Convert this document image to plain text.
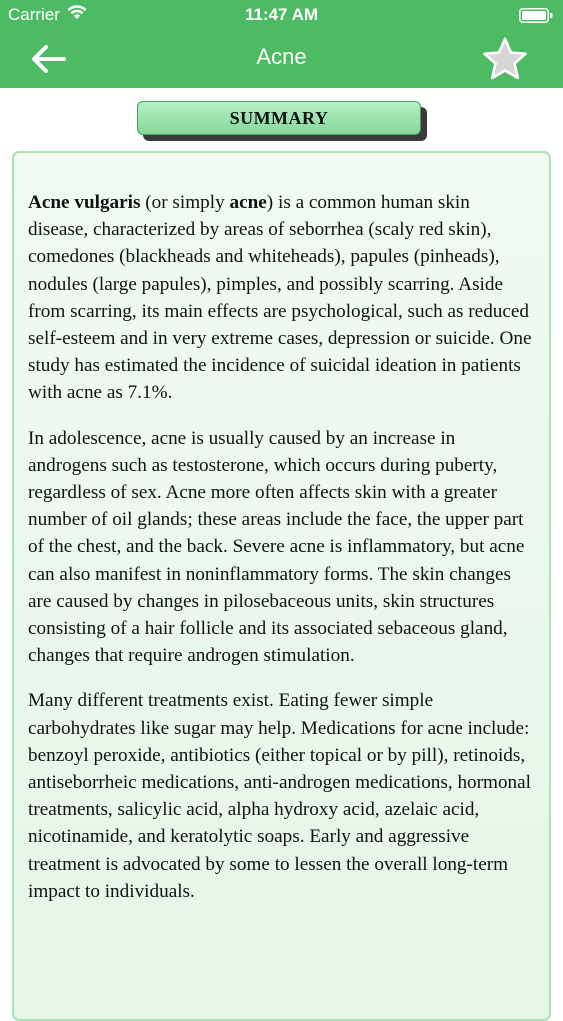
Carrier	11:47 AM
Acne
SUMMARY

Acne vulgaris (or simply acne) is a common human skin disease, characterized by areas of seborrhea (scaly red skin), comedones (blackheads and whiteheads), papules (pinheads), nodules (large papules), pimples, and possibly scarring. Aside from scarring, its main effects are psychological, such as reduced self-esteem and in very extreme cases, depression or suicide. One study has estimated the incidence of suicidal ideation in patients with acne as 7.1%.

In adolescence, acne is usually caused by an increase in androgens such as testosterone, which occurs during puberty, regardless of sex. Acne more often affects skin with a greater number of oil glands; these areas include the face, the upper part of the chest, and the back. Severe acne is inflammatory, but acne can also manifest in noninflammatory forms. The skin changes are caused by changes in pilosebaceous units, skin structures consisting of a hair follicle and its associated sebaceous gland, changes that require androgen stimulation.

Many different treatments exist. Eating fewer simple carbohydrates like sugar may help. Medications for acne include: benzoyl peroxide, antibiotics (either topical or by pill), retinoids, antiseborrheic medications, anti-androgen medications, hormonal treatments, salicylic acid, alpha hydroxy acid, azelaic acid, nicotinamide, and keratolytic soaps. Early and aggressive treatment is advocated by some to lessen the overall long-term impact to individuals.
